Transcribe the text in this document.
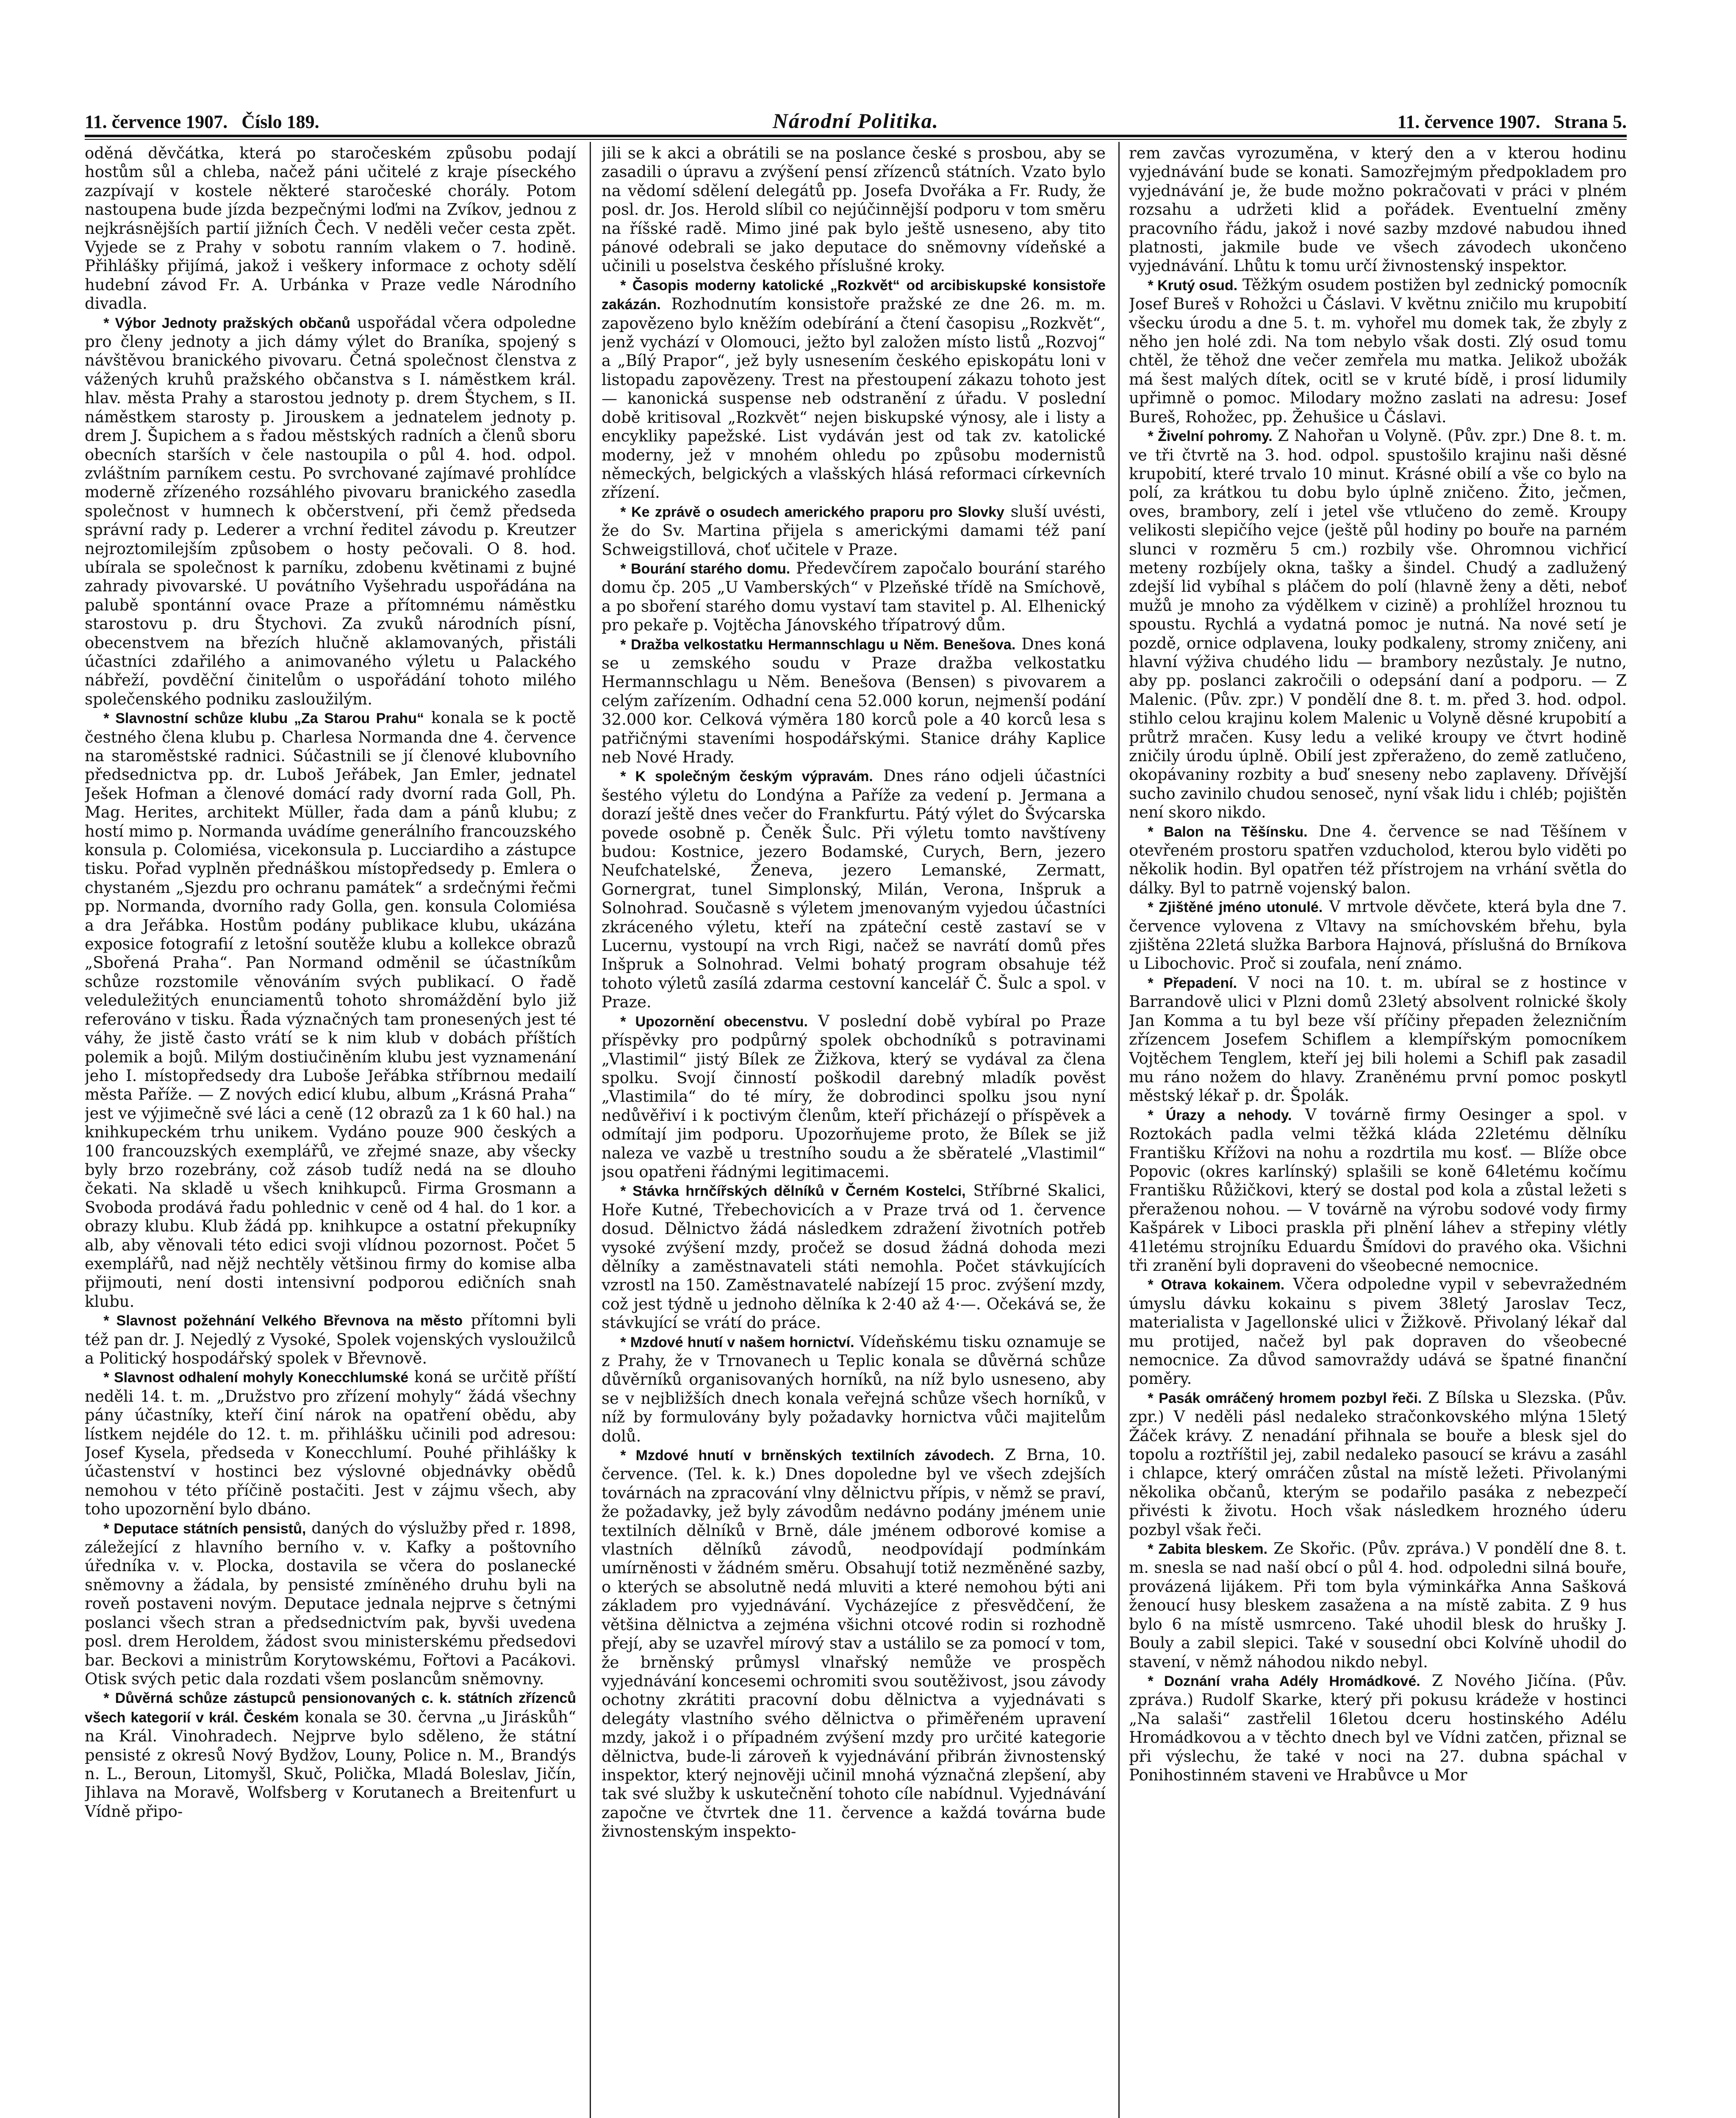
11. července 1907.   Číslo 189.	Národní Politika.	11. července 1907.   Strana 5.

oděná děvčátka, která po staročeském způsobu podají hostům sůl a chleba, načež páni učitelé z kraje píseckého zazpívají v kostele některé staročeské chorály. Potom nastoupena bude jízda bezpečnými loďmi na Zvíkov, jednou z nejkrásnějších partií jižních Čech. V neděli večer cesta zpět. Vyjede se z Prahy v sobotu ranním vlakem o 7. hodině. Přihlášky přijímá, jakož i veškery informace z ochoty sdělí hudební závod Fr. A. Urbánka v Praze vedle Národního divadla.

* Výbor Jednoty pražských občanů uspořádal včera odpoledne pro členy jednoty a jich dámy výlet do Braníka, spojený s návštěvou branického pivovaru. Četná společnost členstva z vážených kruhů pražského občanstva s I. náměstkem král. hlav. města Prahy a starostou jednoty p. drem Štychem, s II. náměstkem starosty p. Jirouskem a jednatelem jednoty p. drem J. Šupichem a s řadou městských radních a členů sboru obecních starších v čele nastoupila o půl 4. hod. odpol. zvláštním parníkem cestu. Po svrchované zajímavé prohlídce moderně zřízeného rozsáhlého pivovaru branického zasedla společnost v humnech k občerstvení, při čemž předseda správní rady p. Lederer a vrchní ředitel závodu p. Kreutzer nejroztomilejším způsobem o hosty pečovali. O 8. hod. ubírala se společnost k parníku, zdobenu květinami z bujné zahrady pivovarské. U povátního Vyšehradu uspořádána na palubě spontánní ovace Praze a přítomnému náměstku starostovu p. dru Štychovi. Za zvuků národních písní, obecenstvem na březích hlučně aklamovaných, přistáli účastníci zdařilého a animovaného výletu u Palackého nábřeží, povděční činitelům o uspořádání tohoto milého společenského podniku zasloužilým.

* Slavnostní schůze klubu „Za Starou Prahu“ konala se k poctě čestného člena klubu p. Charlesa Normanda dne 4. července na staroměstské radnici. Súčastnili se jí členové klubovního předsednictva pp. dr. Luboš Jeřábek, Jan Emler, jednatel Ješek Hofman a členové domácí rady dvorní rada Goll, Ph. Mag. Herites, architekt Müller, řada dam a pánů klubu; z hostí mimo p. Normanda uvádíme generálního francouzského konsula p. Colomiésa, vicekonsula p. Lucciardiho a zástupce tisku. Pořad vyplněn přednáškou místopředsedy p. Emlera o chystaném „Sjezdu pro ochranu památek“ a srdečnými řečmi pp. Normanda, dvorního rady Golla, gen. konsula Colomiésa a dra Jeřábka. Hostům podány publikace klubu, ukázána exposice fotografií z letošní soutěže klubu a kollekce obrazů „Sbořená Praha“. Pan Normand odměnil se účastníkům schůze rozstomile věnováním svých publikací. O řadě veleduležitých enunciamentů tohoto shromáždění bylo již referováno v tisku. Řada význačných tam pronesených jest té váhy, že jistě často vrátí se k nim klub v dobách příštích polemik a bojů. Milým dostiučiněním klubu jest vyznamenání jeho I. místopředsedy dra Luboše Jeřábka stříbrnou medailí města Paříže. — Z nových edicí klubu, album „Krásná Praha“ jest ve výjimečně své láci a ceně (12 obrazů za 1 k 60 hal.) na knihkupeckém trhu unikem. Vydáno pouze 900 českých a 100 francouzských exemplářů, ve zřejmé snaze, aby všecky byly brzo rozebrány, což zásob tudíž nedá na se dlouho čekati. Na skladě u všech knihkupců. Firma Grosmann a Svoboda prodává řadu pohlednic v ceně od 4 hal. do 1 kor. a obrazy klubu. Klub žádá pp. knihkupce a ostatní překupníky alb, aby věnovali této edici svoji vlídnou pozornost. Počet 5 exemplářů, nad nějž nechtěly většinou firmy do komise alba přijmouti, není dosti intensivní podporou edičních snah klubu.

* Slavnost požehnání Velkého Břevnova na město přítomni byli též pan dr. J. Nejedlý z Vysoké, Spolek vojenských vysloužilců a Politický hospodářský spolek v Břevnově.

* Slavnost odhalení mohyly Konecchlumské koná se určitě příští neděli 14. t. m. „Družstvo pro zřízení mohyly“ žádá všechny pány účastníky, kteří činí nárok na opatření obědu, aby lístkem nejdéle do 12. t. m. přihlášku učinili pod adresou: Josef Kysela, předseda v Konecchlumí. Pouhé přihlášky k účastenství v hostinci bez výslovné objednávky obědů nemohou v této příčině postačiti. Jest v zájmu všech, aby toho upozornění bylo dbáno.

* Deputace státních pensistů, daných do výslužby před r. 1898, záležející z hlavního berního v. v. Kafky a poštovního úředníka v. v. Plocka, dostavila se včera do poslanecké sněmovny a žádala, by pensisté zmíněného druhu byli na roveň postaveni novým. Deputace jednala nejprve s četnými poslanci všech stran a předsednictvím pak, byvši uvedena posl. drem Heroldem, žádost svou ministerskému předsedovi bar. Beckovi a ministrům Korytowskému, Fořtovi a Pacákovi. Otisk svých petic dala rozdati všem poslancům sněmovny.

* Důvěrná schůze zástupců pensionovaných c. k. státních zřízenců všech kategorií v král. Českém konala se 30. června „u Jiráskůh“ na Král. Vinohradech. Nejprve bylo sděleno, že státní pensisté z okresů Nový Bydžov, Louny, Police n. M., Brandýs n. L., Beroun, Litomyšl, Skuč, Polička, Mladá Boleslav, Jičín, Jihlava na Moravě, Wolfsberg v Korutanech a Breitenfurt u Vídně připo-

jili se k akci a obrátili se na poslance české s prosbou, aby se zasadili o úpravu a zvýšení pensí zřízenců státních. Vzato bylo na vědomí sdělení delegátů pp. Josefa Dvořáka a Fr. Rudy, že posl. dr. Jos. Herold slíbil co nejúčinnější podporu v tom směru na říšské radě. Mimo jiné pak bylo ještě usneseno, aby tito pánové odebrali se jako deputace do sněmovny vídeňské a učinili u poselstva českého příslušné kroky.

* Časopis moderny katolické „Rozkvět“ od arcibiskupské konsistoře zakázán. Rozhodnutím konsistoře pražské ze dne 26. m. m. zapovězeno bylo kněžím odebírání a čtení časopisu „Rozkvět“, jenž vychází v Olomouci, ježto byl založen místo listů „Rozvoj“ a „Bílý Prapor“, jež byly usnesením českého episkopátu loni v listopadu zapovězeny. Trest na přestoupení zákazu tohoto jest — kanonická suspense neb odstranění z úřadu. V poslední době kritisoval „Rozkvět“ nejen biskupské výnosy, ale i listy a encykliky papežské. List vydáván jest od tak zv. katolické moderny, jež v mnohém ohledu po způsobu modernistů německých, belgických a vlašských hlásá reformaci církevních zřízení.

* Ke zprávě o osudech amerického praporu pro Slovky sluší uvésti, že do Sv. Martina přijela s americkými damami též paní Schweigstillová, choť učitele v Praze.

* Bourání starého domu. Předevčírem započalo bourání starého domu čp. 205 „U Vamberských“ v Plzeňské třídě na Smíchově, a po sboření starého domu vystaví tam stavitel p. Al. Elhenický pro pekaře p. Vojtěcha Jánovského třípatrový dům.

* Dražba velkostatku Hermannschlagu u Něm. Benešova. Dnes koná se u zemského soudu v Praze dražba velkostatku Hermannschlagu u Něm. Benešova (Bensen) s pivovarem a celým zařízením. Odhadní cena 52.000 korun, nejmenší podání 32.000 kor. Celková výměra 180 korců pole a 40 korců lesa s patřičnými staveními hospodářskými. Stanice dráhy Kaplice neb Nové Hrady.

* K společným českým výpravám. Dnes ráno odjeli účastníci šestého výletu do Londýna a Paříže za vedení p. Jermana a dorazí ještě dnes večer do Frankfurtu. Pátý výlet do Švýcarska povede osobně p. Čeněk Šulc. Při výletu tomto navštíveny budou: Kostnice, jezero Bodamské, Curych, Bern, jezero Neufchatelské, Ženeva, jezero Lemanské, Zermatt, Gornergrat, tunel Simplonský, Milán, Verona, Inšpruk a Solnohrad. Současně s výletem jmenovaným vyjedou účastníci zkráceného výletu, kteří na zpáteční cestě zastaví se v Lucernu, vystoupí na vrch Rigi, načež se navrátí domů přes Inšpruk a Solnohrad. Velmi bohatý program obsahuje též tohoto výletů zasílá zdarma cestovní kancelář Č. Šulc a spol. v Praze.

* Upozornění obecenstvu. V poslední době vybíral po Praze příspěvky pro podpůrný spolek obchodníků s potravinami „Vlastimil“ jistý Bílek ze Žižkova, který se vydával za člena spolku. Svojí činností poškodil darebný mladík pověst „Vlastimila“ do té míry, že dobrodinci spolku jsou nyní nedůvěřiví i k poctivým členům, kteří přicházejí o příspěvek a odmítají jim podporu. Upozorňujeme proto, že Bílek se již naleza ve vazbě u trestního soudu a že sběratelé „Vlastimil“ jsou opatřeni řádnými legitimacemi.

* Stávka hrnčířských dělníků v Černém Kostelci, Stříbrné Skalici, Hoře Kutné, Třebechovicích a v Praze trvá od 1. července dosud. Dělnictvo žádá následkem zdražení životních potřeb vysoké zvýšení mzdy, pročež se dosud žádná dohoda mezi dělníky a zaměstnavateli státi nemohla. Počet stávkujících vzrostl na 150. Zaměstnavatelé nabízejí 15 proc. zvýšení mzdy, což jest týdně u jednoho dělníka k 2·40 až 4·—. Očekává se, že stávkující se vrátí do práce.

* Mzdové hnutí v našem hornictví. Vídeňskému tisku oznamuje se z Prahy, že v Trnovanech u Teplic konala se důvěrná schůze důvěrníků organisovaných horníků, na níž bylo usneseno, aby se v nejbližších dnech konala veřejná schůze všech horníků, v níž by formulovány byly požadavky hornictva vůči majitelům dolů.

* Mzdové hnutí v brněnských textilních závodech. Z Brna, 10. července. (Tel. k. k.) Dnes dopoledne byl ve všech zdejších továrnách na zpracování vlny dělnictvu přípis, v němž se praví, že požadavky, jež byly závodům nedávno podány jménem unie textilních dělníků v Brně, dále jménem odborové komise a vlastních dělníků závodů, neodpovídají podmínkám umírněnosti v žádném směru. Obsahují totiž nezměněné sazby, o kterých se absolutně nedá mluviti a které nemohou býti ani základem pro vyjednávání. Vycházejíce z přesvědčení, že většina dělnictva a zejména všichni otcové rodin si rozhodně přejí, aby se uzavřel mírový stav a ustálilo se za pomocí v tom, že brněnský průmysl vlnařský nemůže ve prospěch vyjednávání koncesemi ochromiti svou soutěživost, jsou závody ochotny zkrátiti pracovní dobu dělnictva a vyjednávati s delegáty vlastního svého dělnictva o přiměřeném upravení mzdy, jakož i o případném zvýšení mzdy pro určité kategorie dělnictva, bude-li zároveň k vyjednávání přibrán živnostenský inspektor, který nejnověji učinil mnohá význačná zlepšení, aby tak své služby k uskutečnění tohoto cíle nabídnul. Vyjednávání započne ve čtvrtek dne 11. července a každá továrna bude živnostenským inspekto-

rem zavčas vyrozuměna, v který den a v kterou hodinu vyjednávání bude se konati. Samozřejmým předpokladem pro vyjednávání je, že bude možno pokračovati v práci v plném rozsahu a udržeti klid a pořádek. Eventuelní změny pracovního řádu, jakož i nové sazby mzdové nabudou ihned platnosti, jakmile bude ve všech závodech ukončeno vyjednávání. Lhůtu k tomu určí živnostenský inspektor.

* Krutý osud. Těžkým osudem postižen byl zednický pomocník Josef Bureš v Rohožci u Čáslavi. V květnu zničilo mu krupobití všecku úrodu a dne 5. t. m. vyhořel mu domek tak, že zbyly z něho jen holé zdi. Na tom nebylo však dosti. Zlý osud tomu chtěl, že těhož dne večer zemřela mu matka. Jelikož ubožák má šest malých dítek, ocitl se v kruté bídě, i prosí lidumily upřimně o pomoc. Milodary možno zaslati na adresu: Josef Bureš, Rohožec, pp. Žehušice u Čáslavi.

* Živelní pohromy. Z Nahořan u Volyně. (Pův. zpr.) Dne 8. t. m. ve tři čtvrtě na 3. hod. odpol. spustošilo krajinu naši děsné krupobití, které trvalo 10 minut. Krásné obilí a vše co bylo na polí, za krátkou tu dobu bylo úplně zničeno. Žito, ječmen, oves, brambory, zelí i jetel vše vtlučeno do země. Kroupy velikosti slepičího vejce (ještě půl hodiny po bouře na parném slunci v rozměru 5 cm.) rozbily vše. Ohromnou vichřicí meteny rozbíjely okna, tašky a šindel. Chudý a zadlužený zdejší lid vybíhal s pláčem do polí (hlavně ženy a děti, neboť mužů je mnoho za výdělkem v cizině) a prohlížel hroznou tu spoustu. Rychlá a vydatná pomoc je nutná. Na nové setí je pozdě, ornice odplavena, louky podkaleny, stromy zničeny, ani hlavní výživa chudého lidu — brambory nezůstaly. Je nutno, aby pp. poslanci zakročili o odepsání daní a podporu. — Z Malenic. (Pův. zpr.) V pondělí dne 8. t. m. před 3. hod. odpol. stihlo celou krajinu kolem Malenic u Volyně děsné krupobití a průtrž mračen. Kusy ledu a veliké kroupy ve čtvrt hodině zničily úrodu úplně. Obilí jest zpřeraženo, do země zatlučeno, okopávaniny rozbity a buď sneseny nebo zaplaveny. Dřívější sucho zavinilo chudou senoseč, nyní však lidu i chléb; pojištěn není skoro nikdo.

* Balon na Těšínsku. Dne 4. července se nad Těšínem v otevřeném prostoru spatřen vzducholod, kterou bylo viděti po několik hodin. Byl opatřen též přístrojem na vrhání světla do dálky. Byl to patrně vojenský balon.

* Zjištěné jméno utonulé. V mrtvole děvčete, která byla dne 7. července vylovena z Vltavy na smíchovském břehu, byla zjištěna 22letá služka Barbora Hajnová, příslušná do Brníkova u Libochovic. Proč si zoufala, není známo.

* Přepadení. V noci na 10. t. m. ubíral se z hostince v Barrandově ulici v Plzni domů 23letý absolvent rolnické školy Jan Komma a tu byl beze vší příčiny přepaden železničním zřízencem Josefem Schiflem a klempířským pomocníkem Vojtěchem Tenglem, kteří jej bili holemi a Schifl pak zasadil mu ráno nožem do hlavy. Zraněnému první pomoc poskytl městský lékař p. dr. Špolák.

* Úrazy a nehody. V továrně firmy Oesinger a spol. v Roztokách padla velmi těžká kláda 22letému dělníku Františku Křížovi na nohu a rozdrtila mu kosť. — Blíže obce Popovic (okres karlínský) splašili se koně 64letému kočímu Františku Růžičkovi, který se dostal pod kola a zůstal ležeti s přeraženou nohou. — V továrně na výrobu sodové vody firmy Kašpárek v Liboci praskla při plnění láhev a střepiny vlétly 41letému strojníku Eduardu Šmídovi do pravého oka. Všichni tři zranění byli dopraveni do všeobecné nemocnice.

* Otrava kokainem. Včera odpoledne vypil v sebevražedném úmyslu dávku kokainu s pivem 38letý Jaroslav Tecz, materialista v Jagellonské ulici v Žižkově. Přivolaný lékař dal mu protijed, načež byl pak dopraven do všeobecné nemocnice. Za důvod samovraždy udává se špatné finanční poměry.

* Pasák omráčený hromem pozbyl řeči. Z Bílska u Slezska. (Pův. zpr.) V neděli pásl nedaleko stračonkovského mlýna 15letý Žáček krávy. Z nenadání přihnala se bouře a blesk sjel do topolu a roztříštil jej, zabil nedaleko pasoucí se krávu a zasáhl i chlapce, který omráčen zůstal na místě ležeti. Přivolanými několika občanů, kterým se podařilo pasáka z nebezpečí přivésti k životu. Hoch však následkem hrozného úderu pozbyl však řeči.

* Zabita bleskem. Ze Skořic. (Pův. zpráva.) V pondělí dne 8. t. m. snesla se nad naší obcí o půl 4. hod. odpoledni silná bouře, provázená lijákem. Při tom byla výminkářka Anna Sašková ženoucí husy bleskem zasažena a na místě zabita. Z 9 hus bylo 6 na místě usmrceno. Také uhodil blesk do hrušky J. Bouly a zabil slepici. Také v sousední obci Kolvíně uhodil do stavení, v němž náhodou nikdo nebyl.

* Doznání vraha Adély Hromádkové. Z Nového Jičína. (Pův. zpráva.) Rudolf Skarke, který při pokusu krádeže v hostinci „Na salaši“ zastřelil 16letou dceru hostinského Adélu Hromádkovou a v těchto dnech byl ve Vídni zatčen, přiznal se při výslechu, že také v noci na 27. dubna spáchal v Ponihostinném staveni ve Hrabůvce u Mor
